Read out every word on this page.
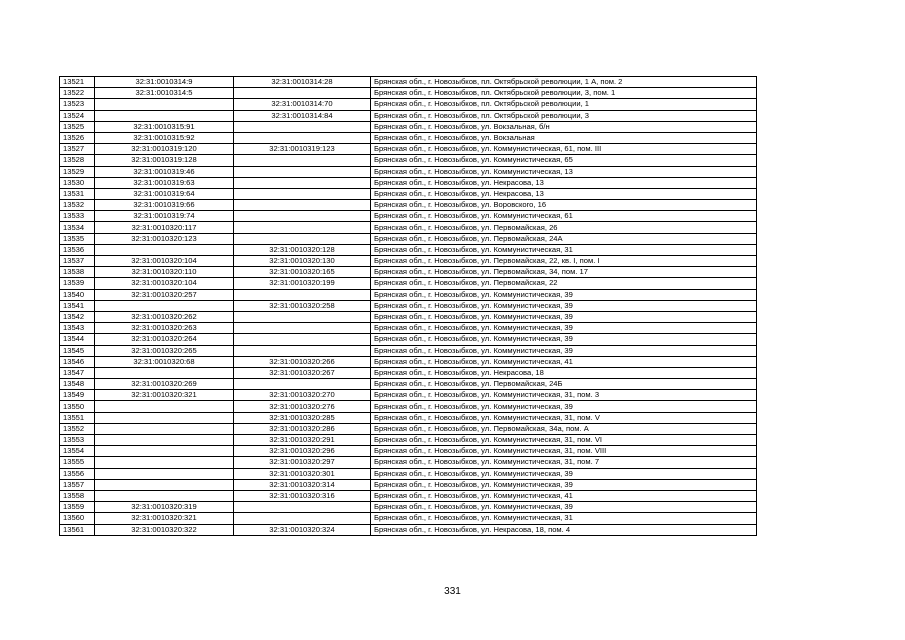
13521	32:31:0010314:9	32:31:0010314:28	Брянская обл., г. Новозыбков, пл. Октябрьской революции, 1 А, пом. 2
13522	32:31:0010314:5		Брянская обл., г. Новозыбков, пл. Октябрьской революции, 3, пом. 1
13523		32:31:0010314:70	Брянская обл., г. Новозыбков, пл. Октябрьской революции, 1
13524		32:31:0010314:84	Брянская обл., г. Новозыбков, пл. Октябрьской революции, 3
13525	32:31:0010315:91		Брянская обл., г. Новозыбков, ул. Вокзальная, б/н
13526	32:31:0010315:92		Брянская обл., г. Новозыбков, ул. Вокзальная
13527	32:31:0010319:120	32:31:0010319:123	Брянская обл., г. Новозыбков, ул. Коммунистическая, 61, пом. III
13528	32:31:0010319:128		Брянская обл., г. Новозыбков, ул. Коммунистическая, 65
13529	32:31:0010319:46		Брянская обл., г. Новозыбков, ул. Коммунистическая, 13
13530	32:31:0010319:63		Брянская обл., г. Новозыбков, ул. Некрасова, 13
13531	32:31:0010319:64		Брянская обл., г. Новозыбков, ул. Некрасова, 13
13532	32:31:0010319:66		Брянская обл., г. Новозыбков, ул. Воровского, 16
13533	32:31:0010319:74		Брянская обл., г. Новозыбков, ул. Коммунистическая, 61
13534	32:31:0010320:117		Брянская обл., г. Новозыбков, ул. Первомайская, 26
13535	32:31:0010320:123		Брянская обл., г. Новозыбков, ул. Первомайская, 24А
13536		32:31:0010320:128	Брянская обл., г. Новозыбков, ул. Коммунистическая, 31
13537	32:31:0010320:104	32:31:0010320:130	Брянская обл., г. Новозыбков, ул. Первомайская, 22, кв. I, пом. I
13538	32:31:0010320:110	32:31:0010320:165	Брянская обл., г. Новозыбков, ул. Первомайская, 34, пом. 17
13539	32:31:0010320:104	32:31:0010320:199	Брянская обл., г. Новозыбков, ул. Первомайская, 22
13540	32:31:0010320:257		Брянская обл., г. Новозыбков, ул. Коммунистическая, 39
13541		32:31:0010320:258	Брянская обл., г. Новозыбков, ул. Коммунистическая, 39
13542	32:31:0010320:262		Брянская обл., г. Новозыбков, ул. Коммунистическая, 39
13543	32:31:0010320:263		Брянская обл., г. Новозыбков, ул. Коммунистическая, 39
13544	32:31:0010320:264		Брянская обл., г. Новозыбков, ул. Коммунистическая, 39
13545	32:31:0010320:265		Брянская обл., г. Новозыбков, ул. Коммунистическая, 39
13546	32:31:0010320:68	32:31:0010320:266	Брянская обл., г. Новозыбков, ул. Коммунистическая, 41
13547		32:31:0010320:267	Брянская обл., г. Новозыбков, ул. Некрасова, 18
13548	32:31:0010320:269		Брянская обл., г. Новозыбков, ул. Первомайская, 24Б
13549	32:31:0010320:321	32:31:0010320:270	Брянская обл., г. Новозыбков, ул. Коммунистическая, 31, пом. 3
13550		32:31:0010320:276	Брянская обл., г. Новозыбков, ул. Коммунистическая, 39
13551		32:31:0010320:285	Брянская обл., г. Новозыбков, ул. Коммунистическая, 31, пом. V
13552		32:31:0010320:286	Брянская обл., г. Новозыбков, ул. Первомайская, 34а, пом. А
13553		32:31:0010320:291	Брянская обл., г. Новозыбков, ул. Коммунистическая, 31, пом. VI
13554		32:31:0010320:296	Брянская обл., г. Новозыбков, ул. Коммунистическая, 31, пом. VIII
13555		32:31:0010320:297	Брянская обл., г. Новозыбков, ул. Коммунистическая, 31, пом. 7
13556		32:31:0010320:301	Брянская обл., г. Новозыбков, ул. Коммунистическая, 39
13557		32:31:0010320:314	Брянская обл., г. Новозыбков, ул. Коммунистическая, 39
13558		32:31:0010320:316	Брянская обл., г. Новозыбков, ул. Коммунистическая, 41
13559	32:31:0010320:319		Брянская обл., г. Новозыбков, ул. Коммунистическая, 39
13560	32:31:0010320:321		Брянская обл., г. Новозыбков, ул. Коммунистическая, 31
13561	32:31:0010320:322	32:31:0010320:324	Брянская обл., г. Новозыбков, ул. Некрасова, 18, пом. 4
331
